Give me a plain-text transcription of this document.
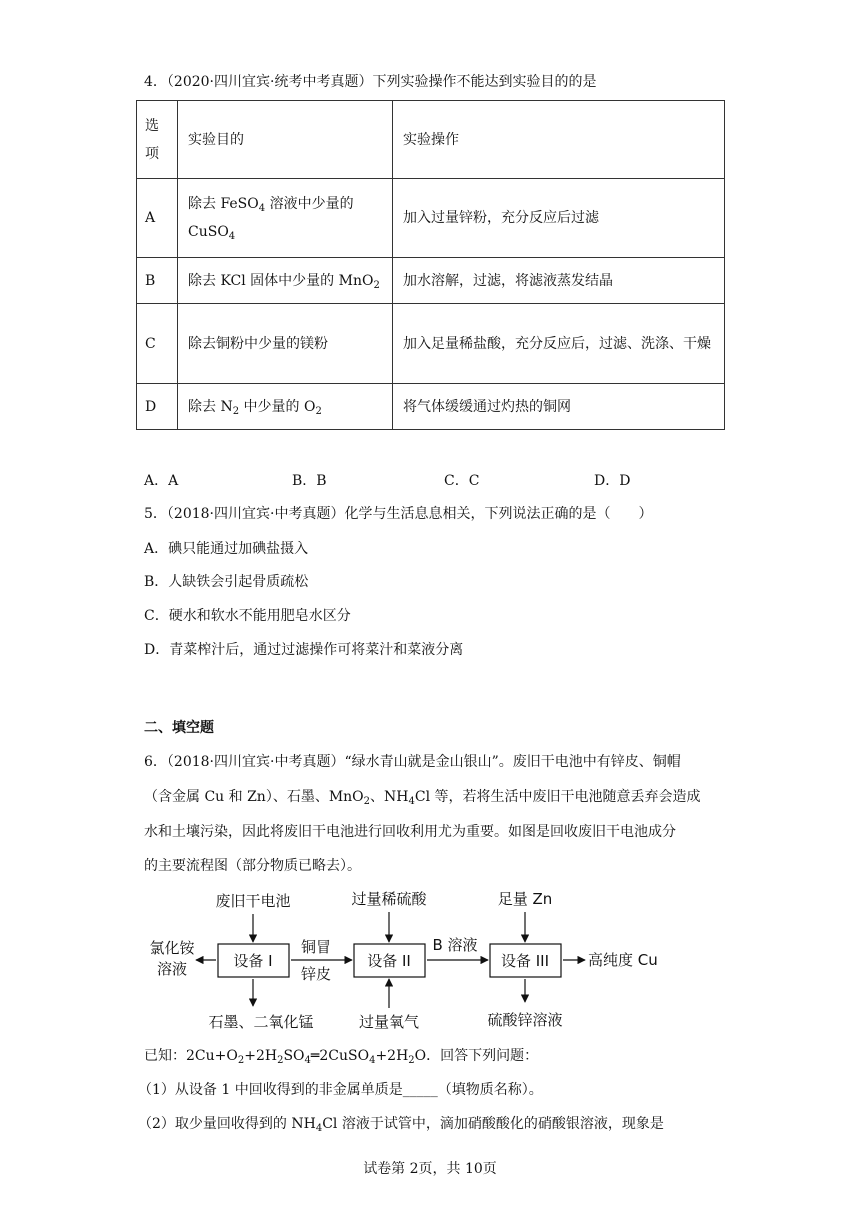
4．（2020·四川宜宾·统考中考真题）下列实验操作不能达到实验目的的是
选项	实验目的	实验操作
A	除去 FeSO$_4$ 溶液中少量的 CuSO$_4$	加入过量锌粉，充分反应后过滤
B	除去 KCl 固体中少量的 MnO$_2$	加水溶解，过滤，将滤液蒸发结晶
C	除去铜粉中少量的镁粉	加入足量稀盐酸，充分反应后，过滤、洗涤、干燥
D	除去 $N_2$ 中少量的 $O_2$	将气体缓缓通过灼热的铜网
A．A	B．B	C．C	D．D
5．（2018·四川宜宾·中考真题）化学与生活息息相关，下列说法正确的是（　　）
A．碘只能通过加碘盐摄入
B．人缺铁会引起骨质疏松
C．硬水和软水不能用肥皂水区分
D．青菜榨汁后，通过过滤操作可将菜汁和菜液分离
二、填空题
6．（2018·四川宜宾·中考真题）“绿水青山就是金山银山”。废旧干电池中有锌皮、铜帽
（含金属 Cu 和 Zn）、石墨、MnO$_2$、$NH_4Cl$ 等，若将生活中废旧干电池随意丢弃会造成
水和土壤污染，因此将废旧干电池进行回收利用尤为重要。如图是回收废旧干电池成分
的主要流程图（部分物质已略去）。
设备 I	设备 II	设备 III
废旧干电池	过量稀硫酸	足量 Zn
氯化铵
溶液
铜冒
锌皮
B 溶液
高纯度 Cu
石墨、二氧化锰	过量氧气	硫酸锌溶液
已知：$2Cu+O_2+2H_2SO_4═2CuSO_4+2H_2O$．回答下列问题：
（1）从设备 1 中回收得到的非金属单质是_____（填物质名称）。
（2）取少量回收得到的 $NH_4Cl$ 溶液于试管中，滴加硝酸酸化的硝酸银溶液，现象是
试卷第 2页，共 10页
